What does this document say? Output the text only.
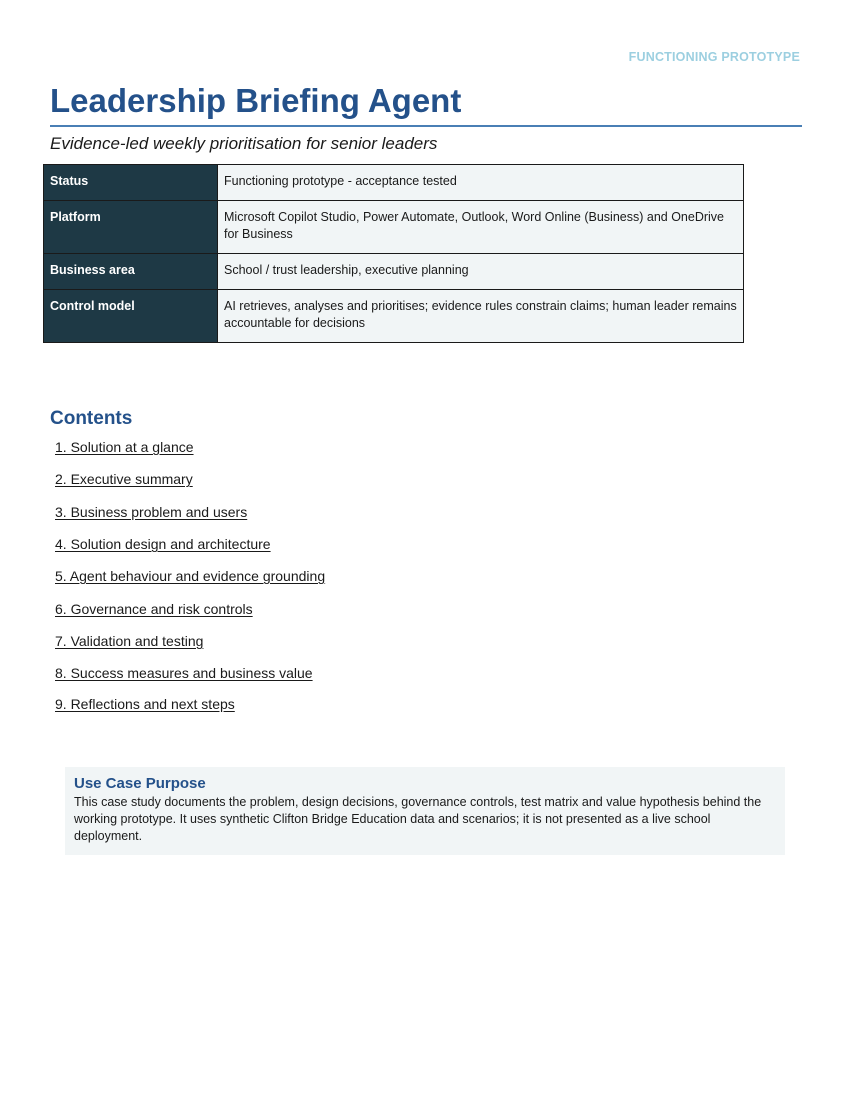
FUNCTIONING PROTOTYPE
Leadership Briefing Agent
Evidence-led weekly prioritisation for senior leaders
Status	Functioning prototype - acceptance tested
Platform	Microsoft Copilot Studio, Power Automate, Outlook, Word Online (Business) and OneDrive for Business
Business area	School / trust leadership, executive planning
Control model	AI retrieves, analyses and prioritises; evidence rules constrain claims; human leader remains accountable for decisions
Contents
1. Solution at a glance
2. Executive summary
3. Business problem and users
4. Solution design and architecture
5. Agent behaviour and evidence grounding
6. Governance and risk controls
7. Validation and testing
8. Success measures and business value
9. Reflections and next steps
Use Case Purpose
This case study documents the problem, design decisions, governance controls, test matrix and value hypothesis behind the working prototype. It uses synthetic Clifton Bridge Education data and scenarios; it is not presented as a live school deployment.
